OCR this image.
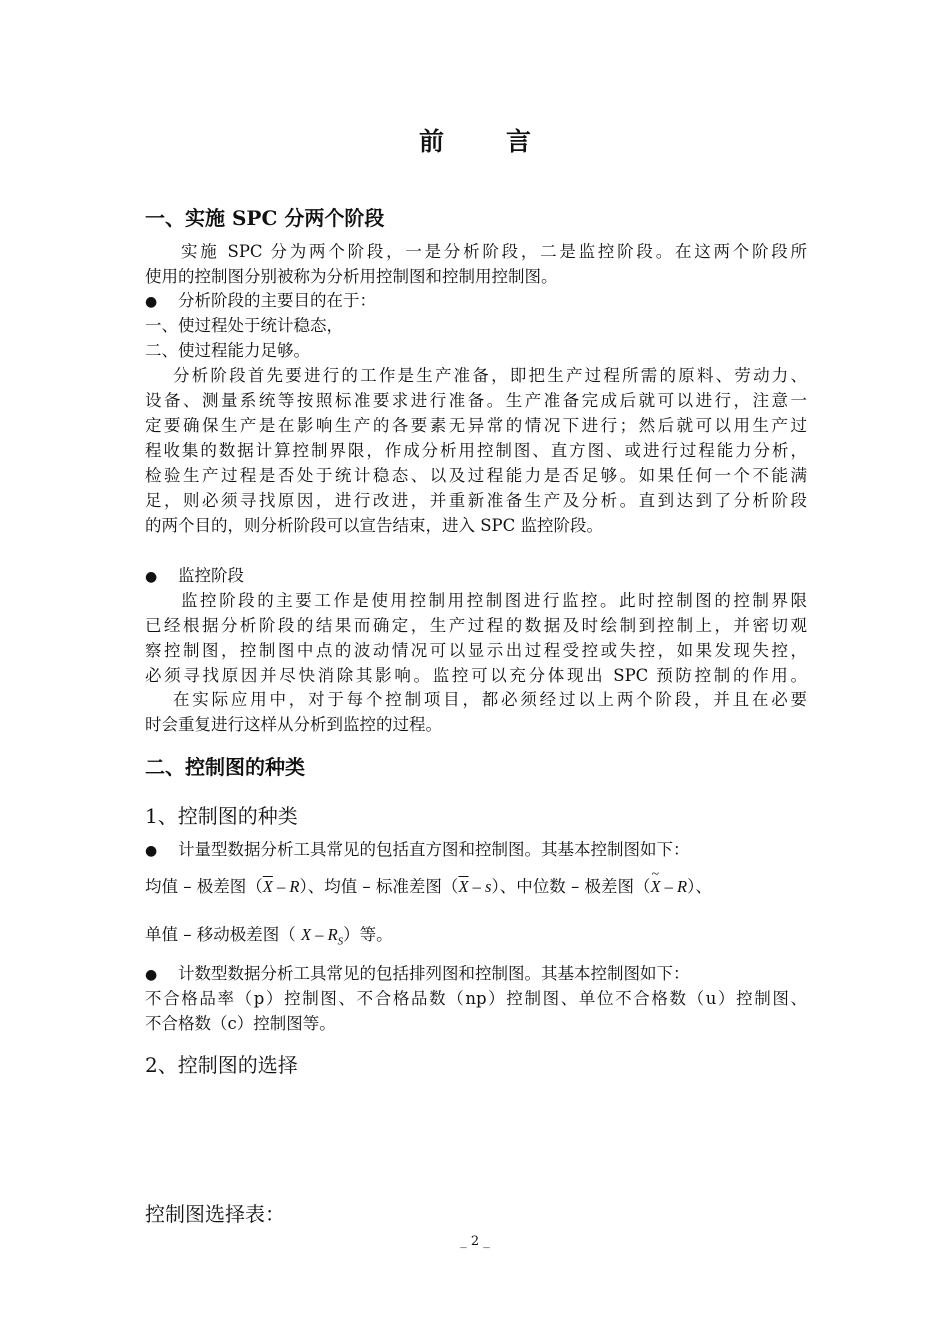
前 言
一、实施 SPC 分两个阶段
实施 SPC 分为两个阶段，一是分析阶段，二是监控阶段。在这两个阶段所
使用的控制图分别被称为分析用控制图和控制用控制图。
● 分析阶段的主要目的在于：
一、使过程处于统计稳态，
二、使过程能力足够。
分析阶段首先要进行的工作是生产准备，即把生产过程所需的原料、劳动力、
设备、测量系统等按照标准要求进行准备。生产准备完成后就可以进行，注意一
定要确保生产是在影响生产的各要素无异常的情况下进行；然后就可以用生产过
程收集的数据计算控制界限，作成分析用控制图、直方图、或进行过程能力分析，
检验生产过程是否处于统计稳态、以及过程能力是否足够。如果任何一个不能满
足，则必须寻找原因，进行改进，并重新准备生产及分析。直到达到了分析阶段
的两个目的，则分析阶段可以宣告结束，进入 SPC 监控阶段。
● 监控阶段
监控阶段的主要工作是使用控制用控制图进行监控。此时控制图的控制界限
已经根据分析阶段的结果而确定，生产过程的数据及时绘制到控制上，并密切观
察控制图，控制图中点的波动情况可以显示出过程受控或失控，如果发现失控，
必须寻找原因并尽快消除其影响。监控可以充分体现出 SPC 预防控制的作用。
在实际应用中，对于每个控制项目，都必须经过以上两个阶段，并且在必要
时会重复进行这样从分析到监控的过程。
二、控制图的种类
1、控制图的种类
● 计量型数据分析工具常见的包括直方图和控制图。其基本控制图如下：
均值 – 极差图$(\overline{X} - R)$、均值 – 标准差图$(\overline{X} - s)$、中位数 – 极差图（~ X – R）、
单值 – 移动极差图（ X – $R_S$）等。
● 计数型数据分析工具常见的包括排列图和控制图。其基本控制图如下：
不合格品率（p）控制图、不合格品数（np）控制图、单位不合格数（u）控制图、
不合格数（c）控制图等。
2、控制图的选择
控制图选择表：
_ 2 _
